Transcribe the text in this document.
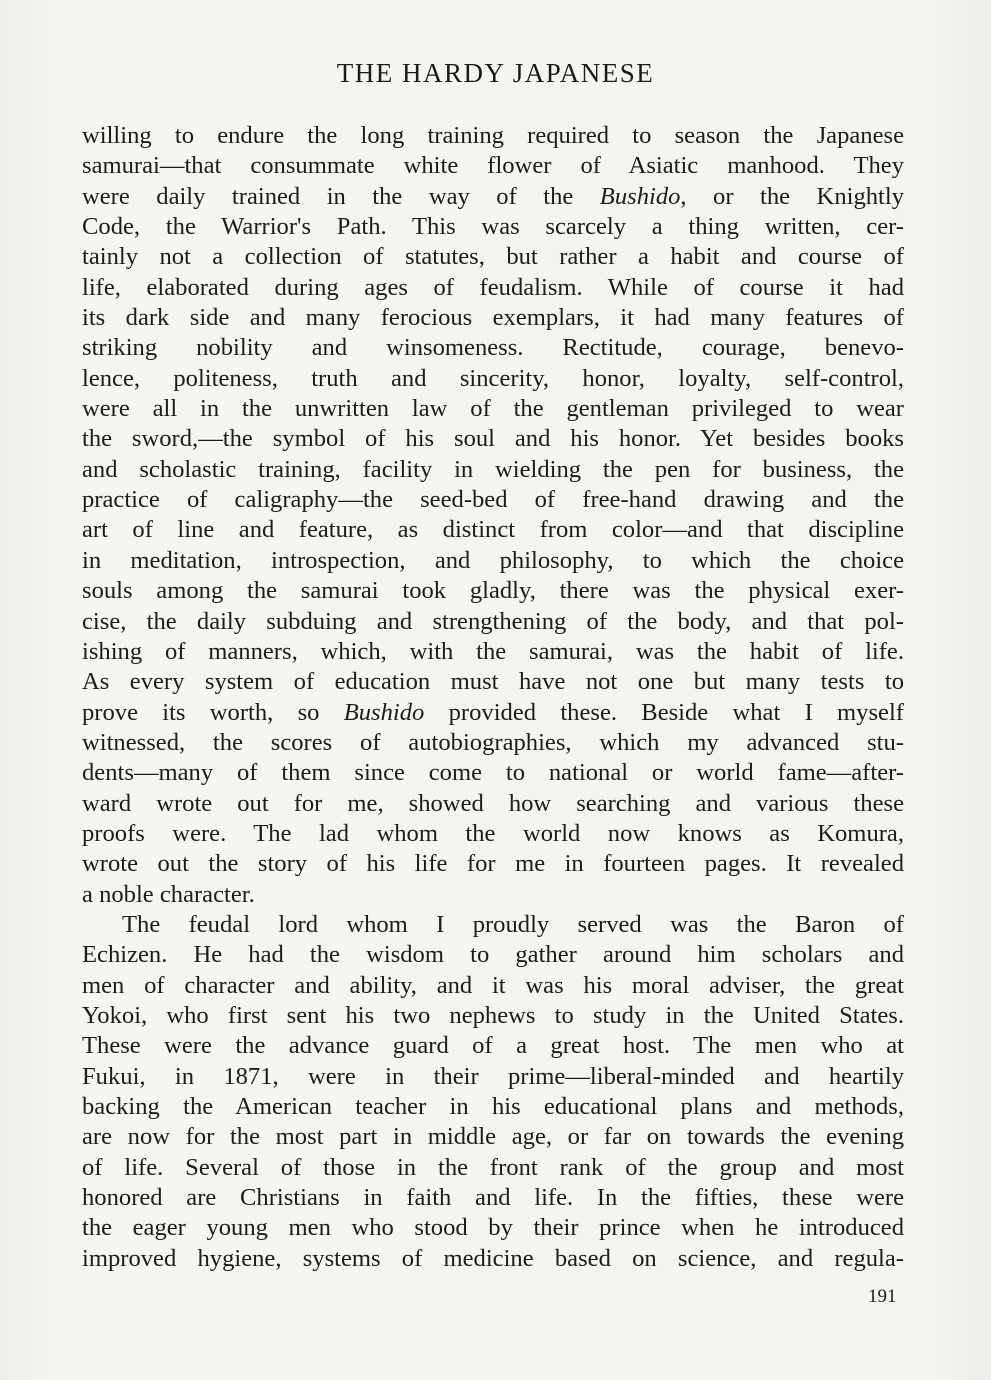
THE HARDY JAPANESE
willing to endure the long training required to season the Japanese
samurai—that consummate white flower of Asiatic manhood. They
were daily trained in the way of the Bushido, or the Knightly
Code, the Warrior's Path. This was scarcely a thing written, cer-
tainly not a collection of statutes, but rather a habit and course of
life, elaborated during ages of feudalism. While of course it had
its dark side and many ferocious exemplars, it had many features of
striking nobility and winsomeness. Rectitude, courage, benevo-
lence, politeness, truth and sincerity, honor, loyalty, self-control,
were all in the unwritten law of the gentleman privileged to wear
the sword,—the symbol of his soul and his honor. Yet besides books
and scholastic training, facility in wielding the pen for business, the
practice of caligraphy—the seed-bed of free-hand drawing and the
art of line and feature, as distinct from color—and that discipline
in meditation, introspection, and philosophy, to which the choice
souls among the samurai took gladly, there was the physical exer-
cise, the daily subduing and strengthening of the body, and that pol-
ishing of manners, which, with the samurai, was the habit of life.
As every system of education must have not one but many tests to
prove its worth, so Bushido provided these. Beside what I myself
witnessed, the scores of autobiographies, which my advanced stu-
dents—many of them since come to national or world fame—after-
ward wrote out for me, showed how searching and various these
proofs were. The lad whom the world now knows as Komura,
wrote out the story of his life for me in fourteen pages. It revealed
a noble character.
The feudal lord whom I proudly served was the Baron of
Echizen. He had the wisdom to gather around him scholars and
men of character and ability, and it was his moral adviser, the great
Yokoi, who first sent his two nephews to study in the United States.
These were the advance guard of a great host. The men who at
Fukui, in 1871, were in their prime—liberal-minded and heartily
backing the American teacher in his educational plans and methods,
are now for the most part in middle age, or far on towards the evening
of life. Several of those in the front rank of the group and most
honored are Christians in faith and life. In the fifties, these were
the eager young men who stood by their prince when he introduced
improved hygiene, systems of medicine based on science, and regula-
191
